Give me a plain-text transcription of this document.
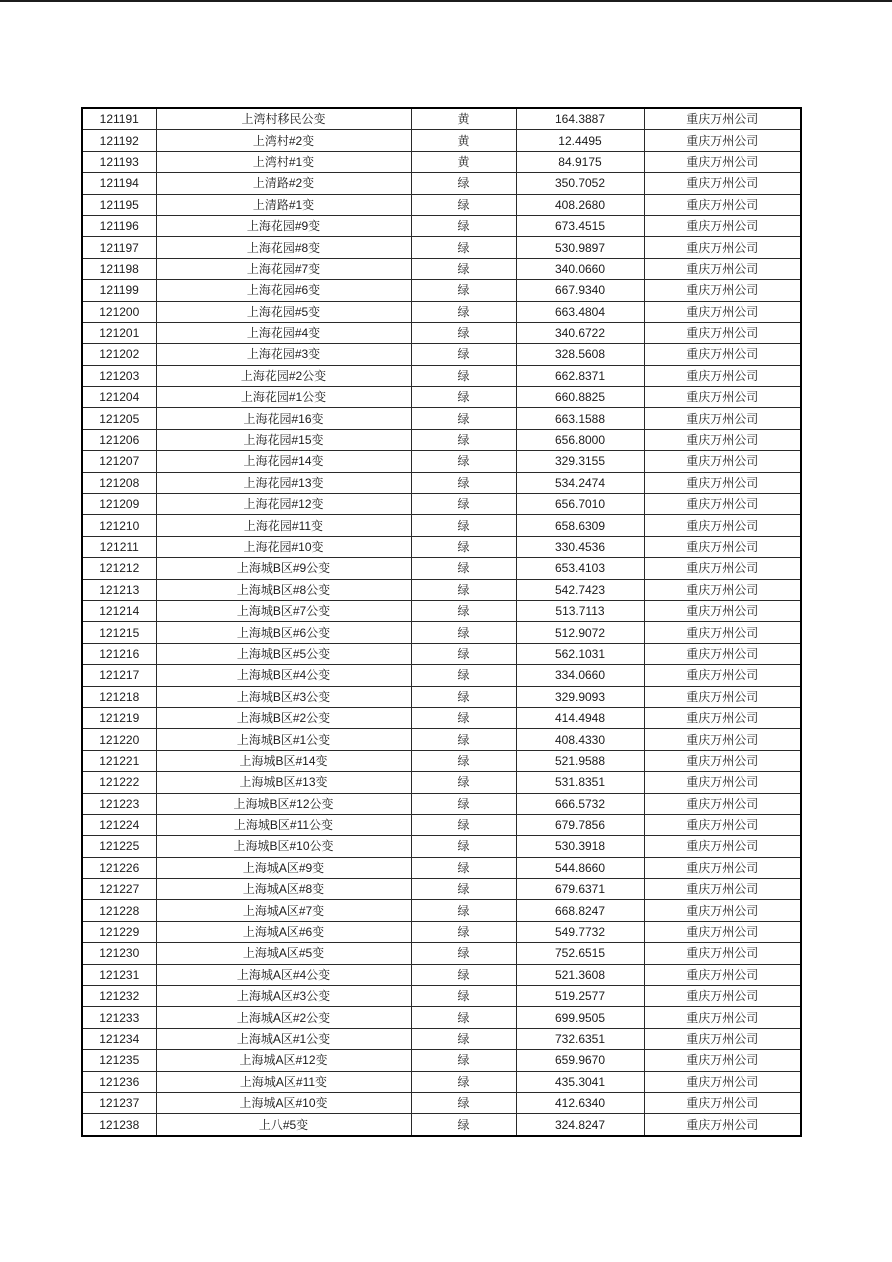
121191	上湾村移民公变	黄	164.3887	重庆万州公司
121192	上湾村#2变	黄	12.4495	重庆万州公司
121193	上湾村#1变	黄	84.9175	重庆万州公司
121194	上清路#2变	绿	350.7052	重庆万州公司
121195	上清路#1变	绿	408.2680	重庆万州公司
121196	上海花园#9变	绿	673.4515	重庆万州公司
121197	上海花园#8变	绿	530.9897	重庆万州公司
121198	上海花园#7变	绿	340.0660	重庆万州公司
121199	上海花园#6变	绿	667.9340	重庆万州公司
121200	上海花园#5变	绿	663.4804	重庆万州公司
121201	上海花园#4变	绿	340.6722	重庆万州公司
121202	上海花园#3变	绿	328.5608	重庆万州公司
121203	上海花园#2公变	绿	662.8371	重庆万州公司
121204	上海花园#1公变	绿	660.8825	重庆万州公司
121205	上海花园#16变	绿	663.1588	重庆万州公司
121206	上海花园#15变	绿	656.8000	重庆万州公司
121207	上海花园#14变	绿	329.3155	重庆万州公司
121208	上海花园#13变	绿	534.2474	重庆万州公司
121209	上海花园#12变	绿	656.7010	重庆万州公司
121210	上海花园#11变	绿	658.6309	重庆万州公司
121211	上海花园#10变	绿	330.4536	重庆万州公司
121212	上海城B区#9公变	绿	653.4103	重庆万州公司
121213	上海城B区#8公变	绿	542.7423	重庆万州公司
121214	上海城B区#7公变	绿	513.7113	重庆万州公司
121215	上海城B区#6公变	绿	512.9072	重庆万州公司
121216	上海城B区#5公变	绿	562.1031	重庆万州公司
121217	上海城B区#4公变	绿	334.0660	重庆万州公司
121218	上海城B区#3公变	绿	329.9093	重庆万州公司
121219	上海城B区#2公变	绿	414.4948	重庆万州公司
121220	上海城B区#1公变	绿	408.4330	重庆万州公司
121221	上海城B区#14变	绿	521.9588	重庆万州公司
121222	上海城B区#13变	绿	531.8351	重庆万州公司
121223	上海城B区#12公变	绿	666.5732	重庆万州公司
121224	上海城B区#11公变	绿	679.7856	重庆万州公司
121225	上海城B区#10公变	绿	530.3918	重庆万州公司
121226	上海城A区#9变	绿	544.8660	重庆万州公司
121227	上海城A区#8变	绿	679.6371	重庆万州公司
121228	上海城A区#7变	绿	668.8247	重庆万州公司
121229	上海城A区#6变	绿	549.7732	重庆万州公司
121230	上海城A区#5变	绿	752.6515	重庆万州公司
121231	上海城A区#4公变	绿	521.3608	重庆万州公司
121232	上海城A区#3公变	绿	519.2577	重庆万州公司
121233	上海城A区#2公变	绿	699.9505	重庆万州公司
121234	上海城A区#1公变	绿	732.6351	重庆万州公司
121235	上海城A区#12变	绿	659.9670	重庆万州公司
121236	上海城A区#11变	绿	435.3041	重庆万州公司
121237	上海城A区#10变	绿	412.6340	重庆万州公司
121238	上八#5变	绿	324.8247	重庆万州公司
